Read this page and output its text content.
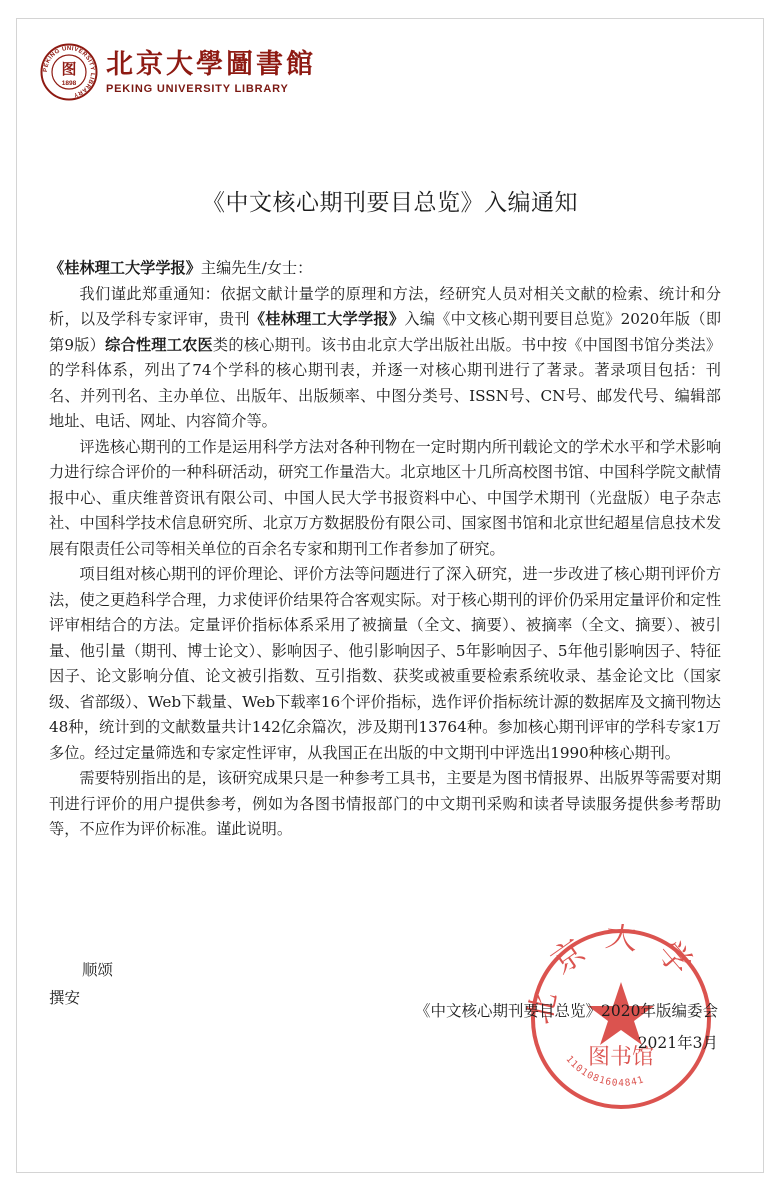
PEKING UNIVERSITY LIBRARY
图
1898
北京大學圖書館
PEKING UNIVERSITY LIBRARY
《中文核心期刊要目总览》入编通知

《桂林理工大学学报》主编先生/女士：

我们谨此郑重通知：依据文献计量学的原理和方法，经研究人员对相关文献的检索、统计和分析，以及学科专家评审，贵刊《桂林理工大学学报》入编《中文核心期刊要目总览》2020年版（即第9版）综合性理工农医类的核心期刊。该书由北京大学出版社出版。书中按《中国图书馆分类法》的学科体系，列出了74个学科的核心期刊表，并逐一对核心期刊进行了著录。著录项目包括：刊名、并列刊名、主办单位、出版年、出版频率、中图分类号、ISSN号、CN号、邮发代号、编辑部地址、电话、网址、内容简介等。

评选核心期刊的工作是运用科学方法对各种刊物在一定时期内所刊载论文的学术水平和学术影响力进行综合评价的一种科研活动，研究工作量浩大。北京地区十几所高校图书馆、中国科学院文献情报中心、重庆维普资讯有限公司、中国人民大学书报资料中心、中国学术期刊（光盘版）电子杂志社、中国科学技术信息研究所、北京万方数据股份有限公司、国家图书馆和北京世纪超星信息技术发展有限责任公司等相关单位的百余名专家和期刊工作者参加了研究。

项目组对核心期刊的评价理论、评价方法等问题进行了深入研究，进一步改进了核心期刊评价方法，使之更趋科学合理，力求使评价结果符合客观实际。对于核心期刊的评价仍采用定量评价和定性评审相结合的方法。定量评价指标体系采用了被摘量（全文、摘要）、被摘率（全文、摘要）、被引量、他引量（期刊、博士论文）、影响因子、他引影响因子、5年影响因子、5年他引影响因子、特征因子、论文影响分值、论文被引指数、互引指数、获奖或被重要检索系统收录、基金论文比（国家级、省部级）、Web下载量、Web下载率16个评价指标，选作评价指标统计源的数据库及文摘刊物达48种，统计到的文献数量共计142亿余篇次，涉及期刊13764种。参加核心期刊评审的学科专家1万多位。经过定量筛选和专家定性评审，从我国正在出版的中文期刊中评选出1990种核心期刊。

需要特别指出的是，该研究成果只是一种参考工具书，主要是为图书情报界、出版界等需要对期刊进行评价的用户提供参考，例如为各图书情报部门的中文期刊采购和读者导读服务提供参考帮助等，不应作为评价标准。谨此说明。

顺颂
撰安
京大学
图书馆
1101081604841
《中文核心期刊要目总览》2020年版编委会
2021年3月
